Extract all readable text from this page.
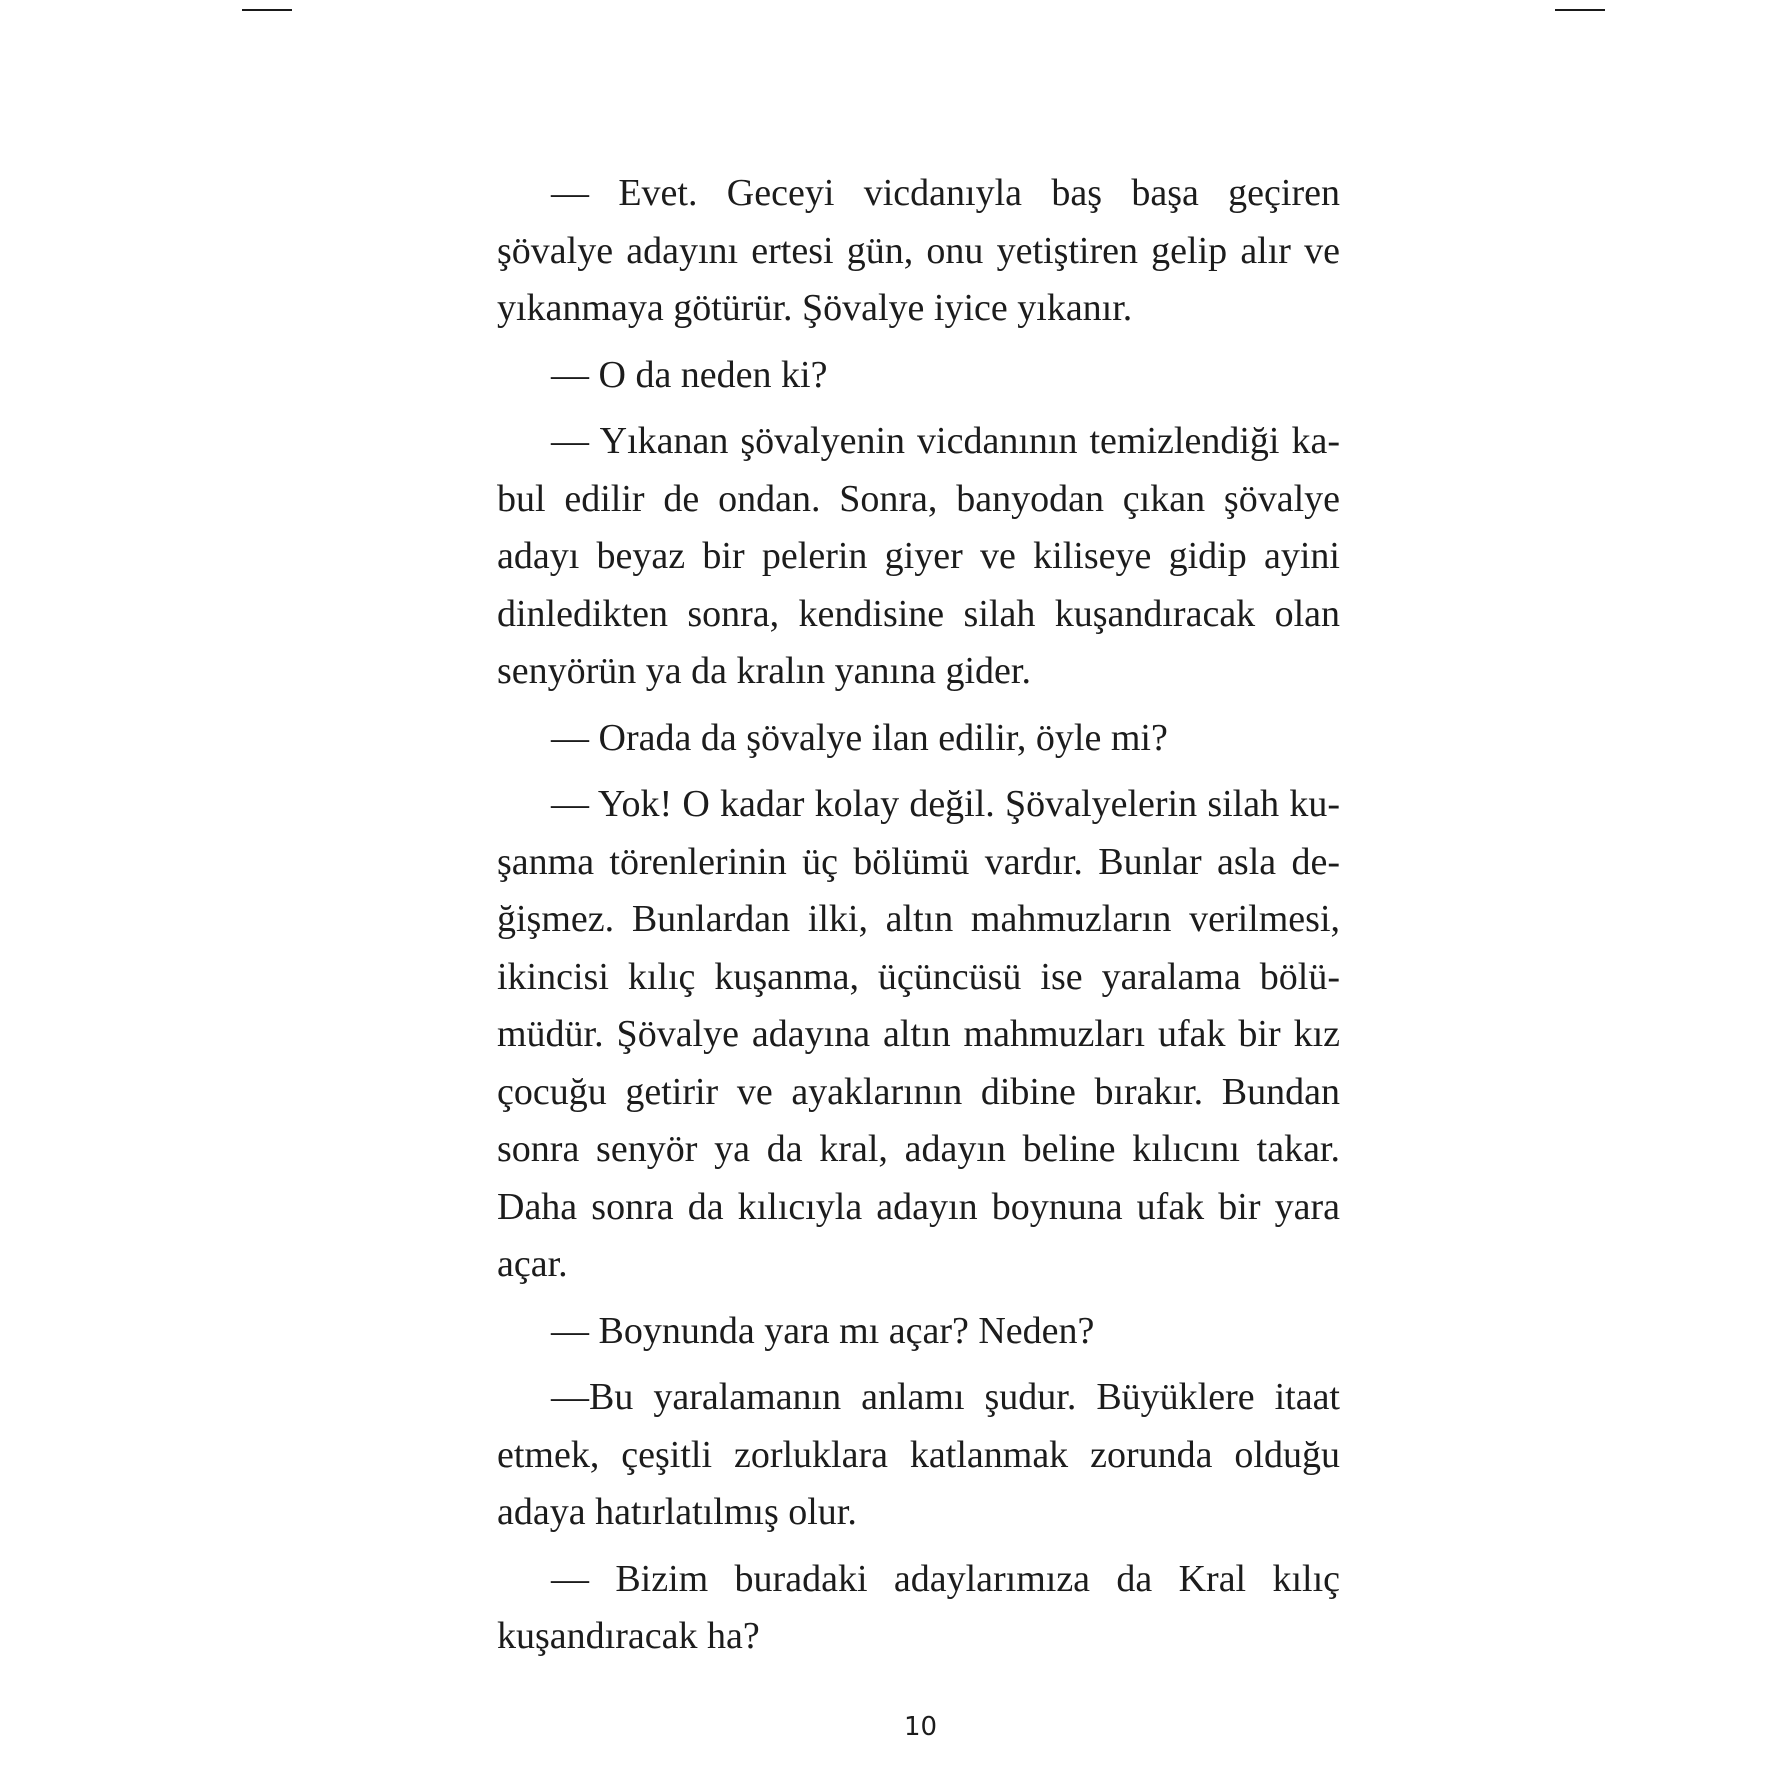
— Evet. Geceyi vicdanıyla baş başa geçiren şövalye adayını ertesi gün, onu yetiştiren gelip alır ve yıkanmaya götürür. Şövalye iyice yıkanır.

— O da neden ki?

— Yıkanan şövalyenin vicdanının temizlendiği kabul edilir de ondan. Sonra, banyodan çıkan şövalye adayı beyaz bir pelerin giyer ve kiliseye gidip ayini dinledikten sonra, kendisine silah kuşandıracak olan senyörün ya da kralın yanına gider.

— Orada da şövalye ilan edilir, öyle mi?

— Yok! O kadar kolay değil. Şövalyelerin silah kuşanma törenlerinin üç bölümü vardır. Bunlar asla değişmez. Bunlardan ilki, altın mahmuzların verilmesi, ikincisi kılıç kuşanma, üçüncüsü ise yaralama bölümüdür. Şövalye adayına altın mahmuzları ufak bir kız çocuğu getirir ve ayaklarının dibine bırakır. Bundan sonra senyör ya da kral, adayın beline kılıcını takar. Daha sonra da kılıcıyla adayın boynuna ufak bir yara açar.

— Boynunda yara mı açar? Neden?

—Bu yaralamanın anlamı şudur. Büyüklere itaat etmek, çeşitli zorluklara katlanmak zorunda olduğu adaya hatırlatılmış olur.

— Bizim buradaki adaylarımıza da Kral kılıç kuşandıracak ha?

10
